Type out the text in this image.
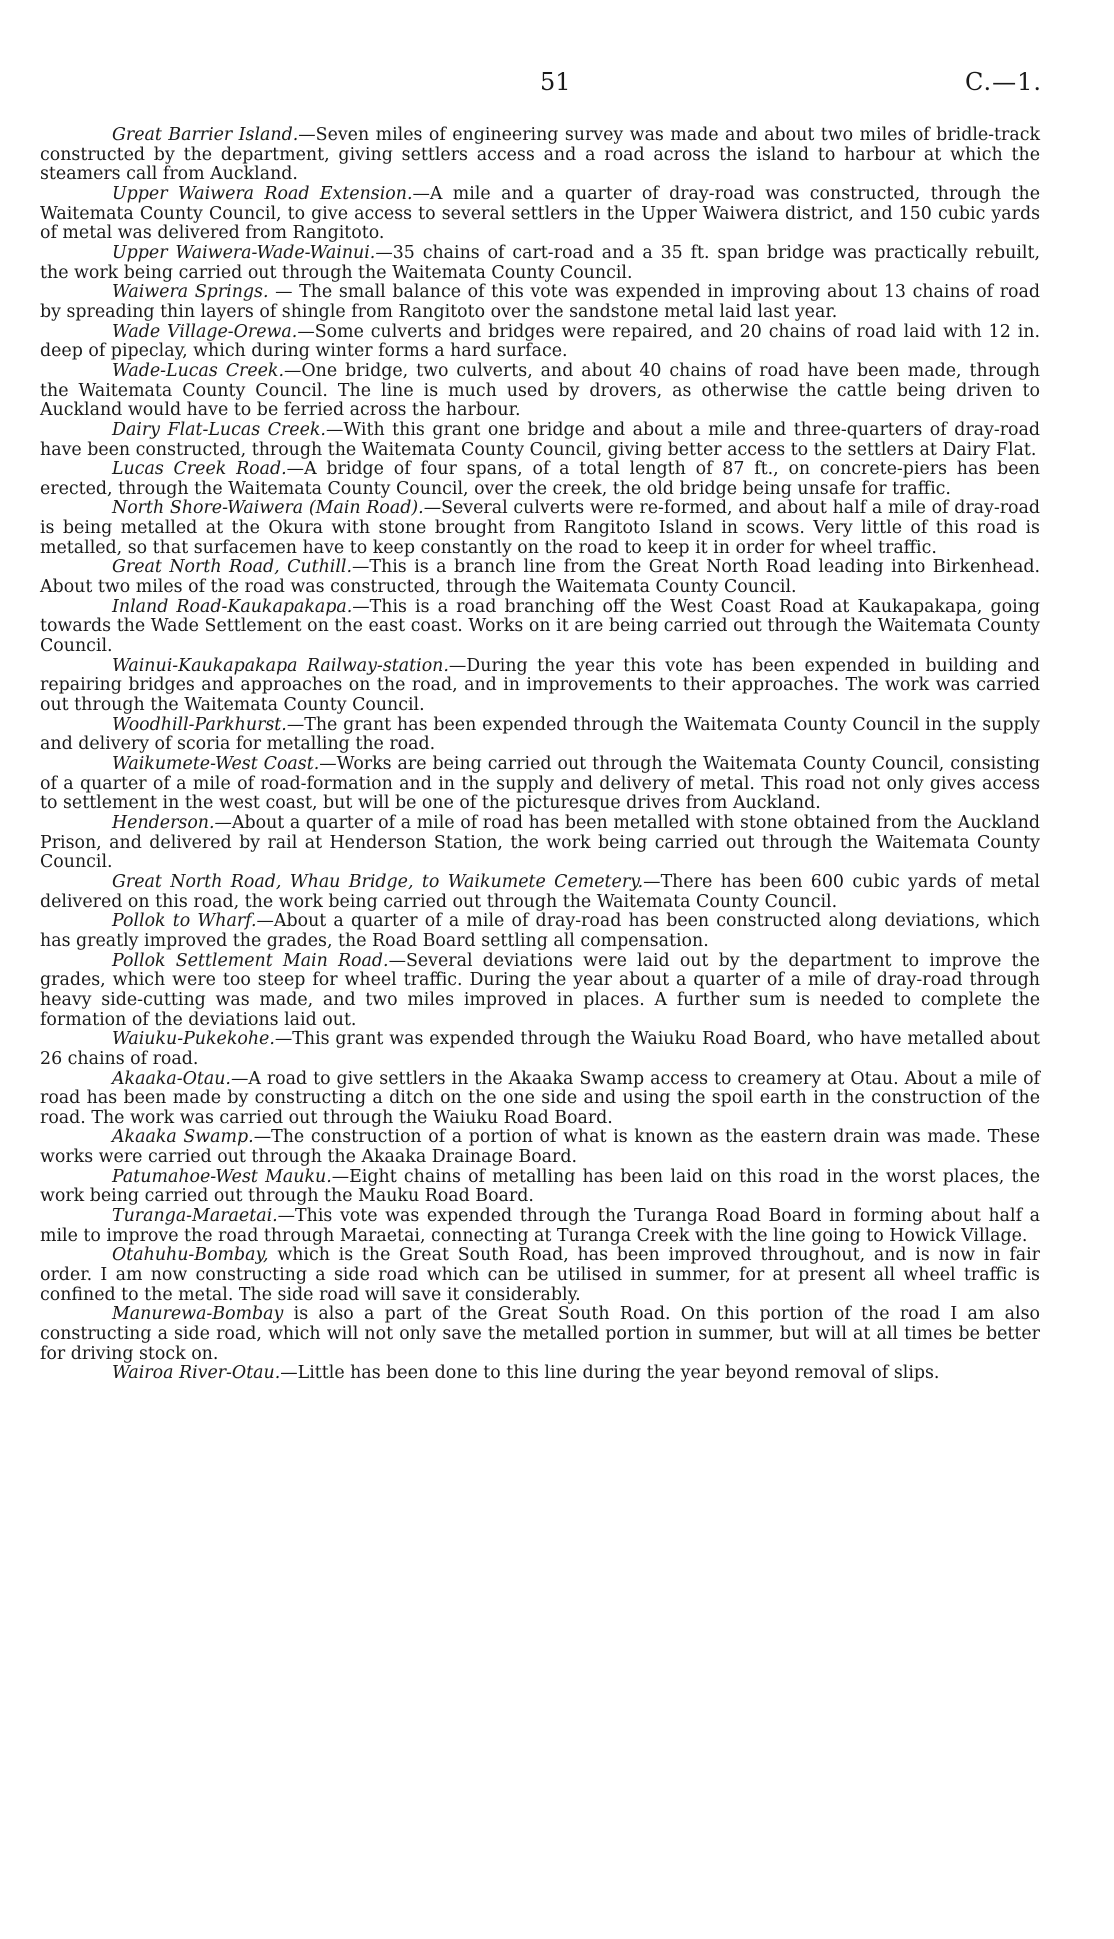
51	C.—1.

Great Barrier Island.—Seven miles of engineering survey was made and about two miles of bridle-track constructed by the department, giving settlers access and a road across the island to harbour at which the steamers call from Auckland.

Upper Waiwera Road Extension.—A mile and a quarter of dray-road was constructed, through the Waitemata County Council, to give access to several settlers in the Upper Waiwera district, and 150 cubic yards of metal was delivered from Rangitoto.

Upper Waiwera-Wade-Wainui.—35 chains of cart-road and a 35 ft. span bridge was practically rebuilt, the work being carried out through the Waitemata County Council.

Waiwera Springs. — The small balance of this vote was expended in improving about 13 chains of road by spreading thin layers of shingle from Rangitoto over the sandstone metal laid last year.

Wade Village-Orewa.—Some culverts and bridges were repaired, and 20 chains of road laid with 12 in. deep of pipeclay, which during winter forms a hard surface.

Wade-Lucas Creek.—One bridge, two culverts, and about 40 chains of road have been made, through the Waitemata County Council. The line is much used by drovers, as otherwise the cattle being driven to Auckland would have to be ferried across the harbour.

Dairy Flat-Lucas Creek.—With this grant one bridge and about a mile and three-quarters of dray-road have been constructed, through the Waitemata County Council, giving better access to the settlers at Dairy Flat.

Lucas Creek Road.—A bridge of four spans, of a total length of 87 ft., on concrete-piers has been erected, through the Waitemata County Council, over the creek, the old bridge being unsafe for traffic.

North Shore-Waiwera (Main Road).—Several culverts were re-formed, and about half a mile of dray-road is being metalled at the Okura with stone brought from Rangitoto Island in scows. Very little of this road is metalled, so that surfacemen have to keep constantly on the road to keep it in order for wheel traffic.

Great North Road, Cuthill.—This is a branch line from the Great North Road leading into Birkenhead. About two miles of the road was constructed, through the Waitemata County Council.

Inland Road-Kaukapakapa.—This is a road branching off the West Coast Road at Kaukapakapa, going towards the Wade Settlement on the east coast. Works on it are being carried out through the Waitemata County Council.

Wainui-Kaukapakapa Railway-station.—During the year this vote has been expended in building and repairing bridges and approaches on the road, and in improvements to their approaches. The work was carried out through the Waitemata County Council.

Woodhill-Parkhurst.—The grant has been expended through the Waitemata County Council in the supply and delivery of scoria for metalling the road.

Waikumete-West Coast.—Works are being carried out through the Waitemata County Council, consisting of a quarter of a mile of road-formation and in the supply and delivery of metal. This road not only gives access to settlement in the west coast, but will be one of the picturesque drives from Auckland.

Henderson.—About a quarter of a mile of road has been metalled with stone obtained from the Auckland Prison, and delivered by rail at Henderson Station, the work being carried out through the Waitemata County Council.

Great North Road, Whau Bridge, to Waikumete Cemetery.—There has been 600 cubic yards of metal delivered on this road, the work being carried out through the Waitemata County Council.

Pollok to Wharf.—About a quarter of a mile of dray-road has been constructed along deviations, which has greatly improved the grades, the Road Board settling all compensation.

Pollok Settlement Main Road.—Several deviations were laid out by the department to improve the grades, which were too steep for wheel traffic. During the year about a quarter of a mile of dray-road through heavy side-cutting was made, and two miles improved in places. A further sum is needed to complete the formation of the deviations laid out.

Waiuku-Pukekohe.—This grant was expended through the Waiuku Road Board, who have metalled about 26 chains of road.

Akaaka-Otau.—A road to give settlers in the Akaaka Swamp access to creamery at Otau. About a mile of road has been made by constructing a ditch on the one side and using the spoil earth in the construction of the road. The work was carried out through the Waiuku Road Board.

Akaaka Swamp.—The construction of a portion of what is known as the eastern drain was made. These works were carried out through the Akaaka Drainage Board.

Patumahoe-West Mauku.—Eight chains of metalling has been laid on this road in the worst places, the work being carried out through the Mauku Road Board.

Turanga-Maraetai.—This vote was expended through the Turanga Road Board in forming about half a mile to improve the road through Maraetai, connecting at Turanga Creek with the line going to Howick Village.

Otahuhu-Bombay, which is the Great South Road, has been improved throughout, and is now in fair order. I am now constructing a side road which can be utilised in summer, for at present all wheel traffic is confined to the metal. The side road will save it considerably.

Manurewa-Bombay is also a part of the Great South Road. On this portion of the road I am also constructing a side road, which will not only save the metalled portion in summer, but will at all times be better for driving stock on.

Wairoa River-Otau.—Little has been done to this line during the year beyond removal of slips.
